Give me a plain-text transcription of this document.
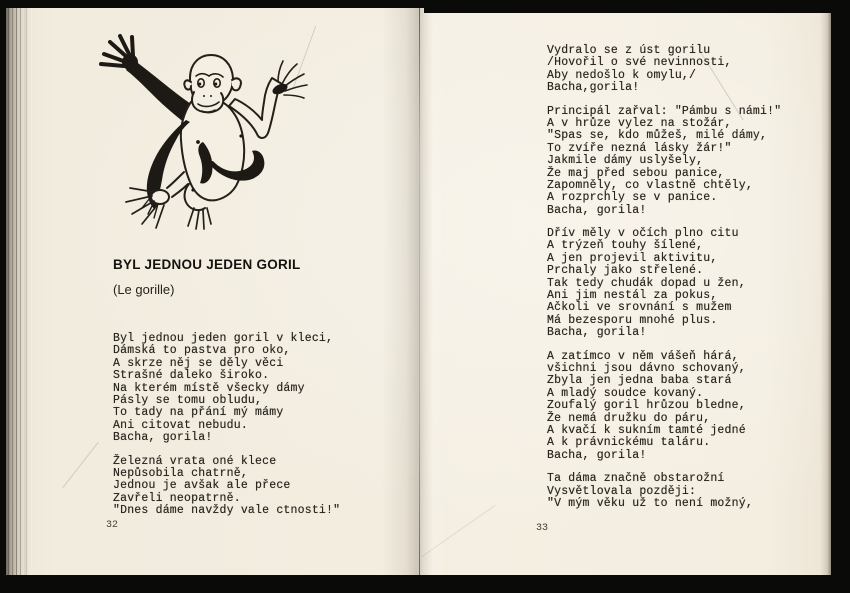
BYL JEDNOU JEDEN GORIL
(Le gorille)
Byl jednou jeden goril v kleci,
Dámská to pastva pro oko,
A skrze něj se děly věci
Strašné daleko široko.
Na kterém místě všecky dámy
Pásly se tomu obludu,
To tady na přání mý mámy
Ani citovat nebudu.
Bacha, gorila!
Železná vrata oné klece
Nepůsobila chatrně,
Jednou je avšak ale přece
Zavřeli neopatrně.
"Dnes dáme navždy vale ctnosti!"
32
Vydralo se z úst gorilu
/Hovořil o své nevinnosti,
Aby nedošlo k omylu,/
Bacha,gorila!
Principál zařval: "Pámbu s námi!"
A v hrůze vylez na stožár,
"Spas se, kdo můžeš, milé dámy,
To zvíře nezná lásky žár!"
Jakmile dámy uslyšely,
Že maj před sebou panice,
Zapomněly, co vlastně chtěly,
A rozprchly se v panice.
Bacha, gorila!
Dřív měly v očích plno citu
A trýzeň touhy šílené,
A jen projevil aktivitu,
Prchaly jako střelené.
Tak tedy chudák dopad u žen,
Ani jim nestál za pokus,
Ačkoli ve srovnání s mužem
Má bezesporu mnohé plus.
Bacha, gorila!
A zatímco v něm vášeň hárá,
všichni jsou dávno schovaný,
Zbyla jen jedna baba stará
A mladý soudce kovaný.
Zoufalý goril hrůzou bledne,
Že nemá družku do páru,
A kvačí k sukním tamté jedné
A k právnickému taláru.
Bacha, gorila!
Ta dáma značně obstarožní
Vysvětlovala později:
"V mým věku už to není možný,
33
